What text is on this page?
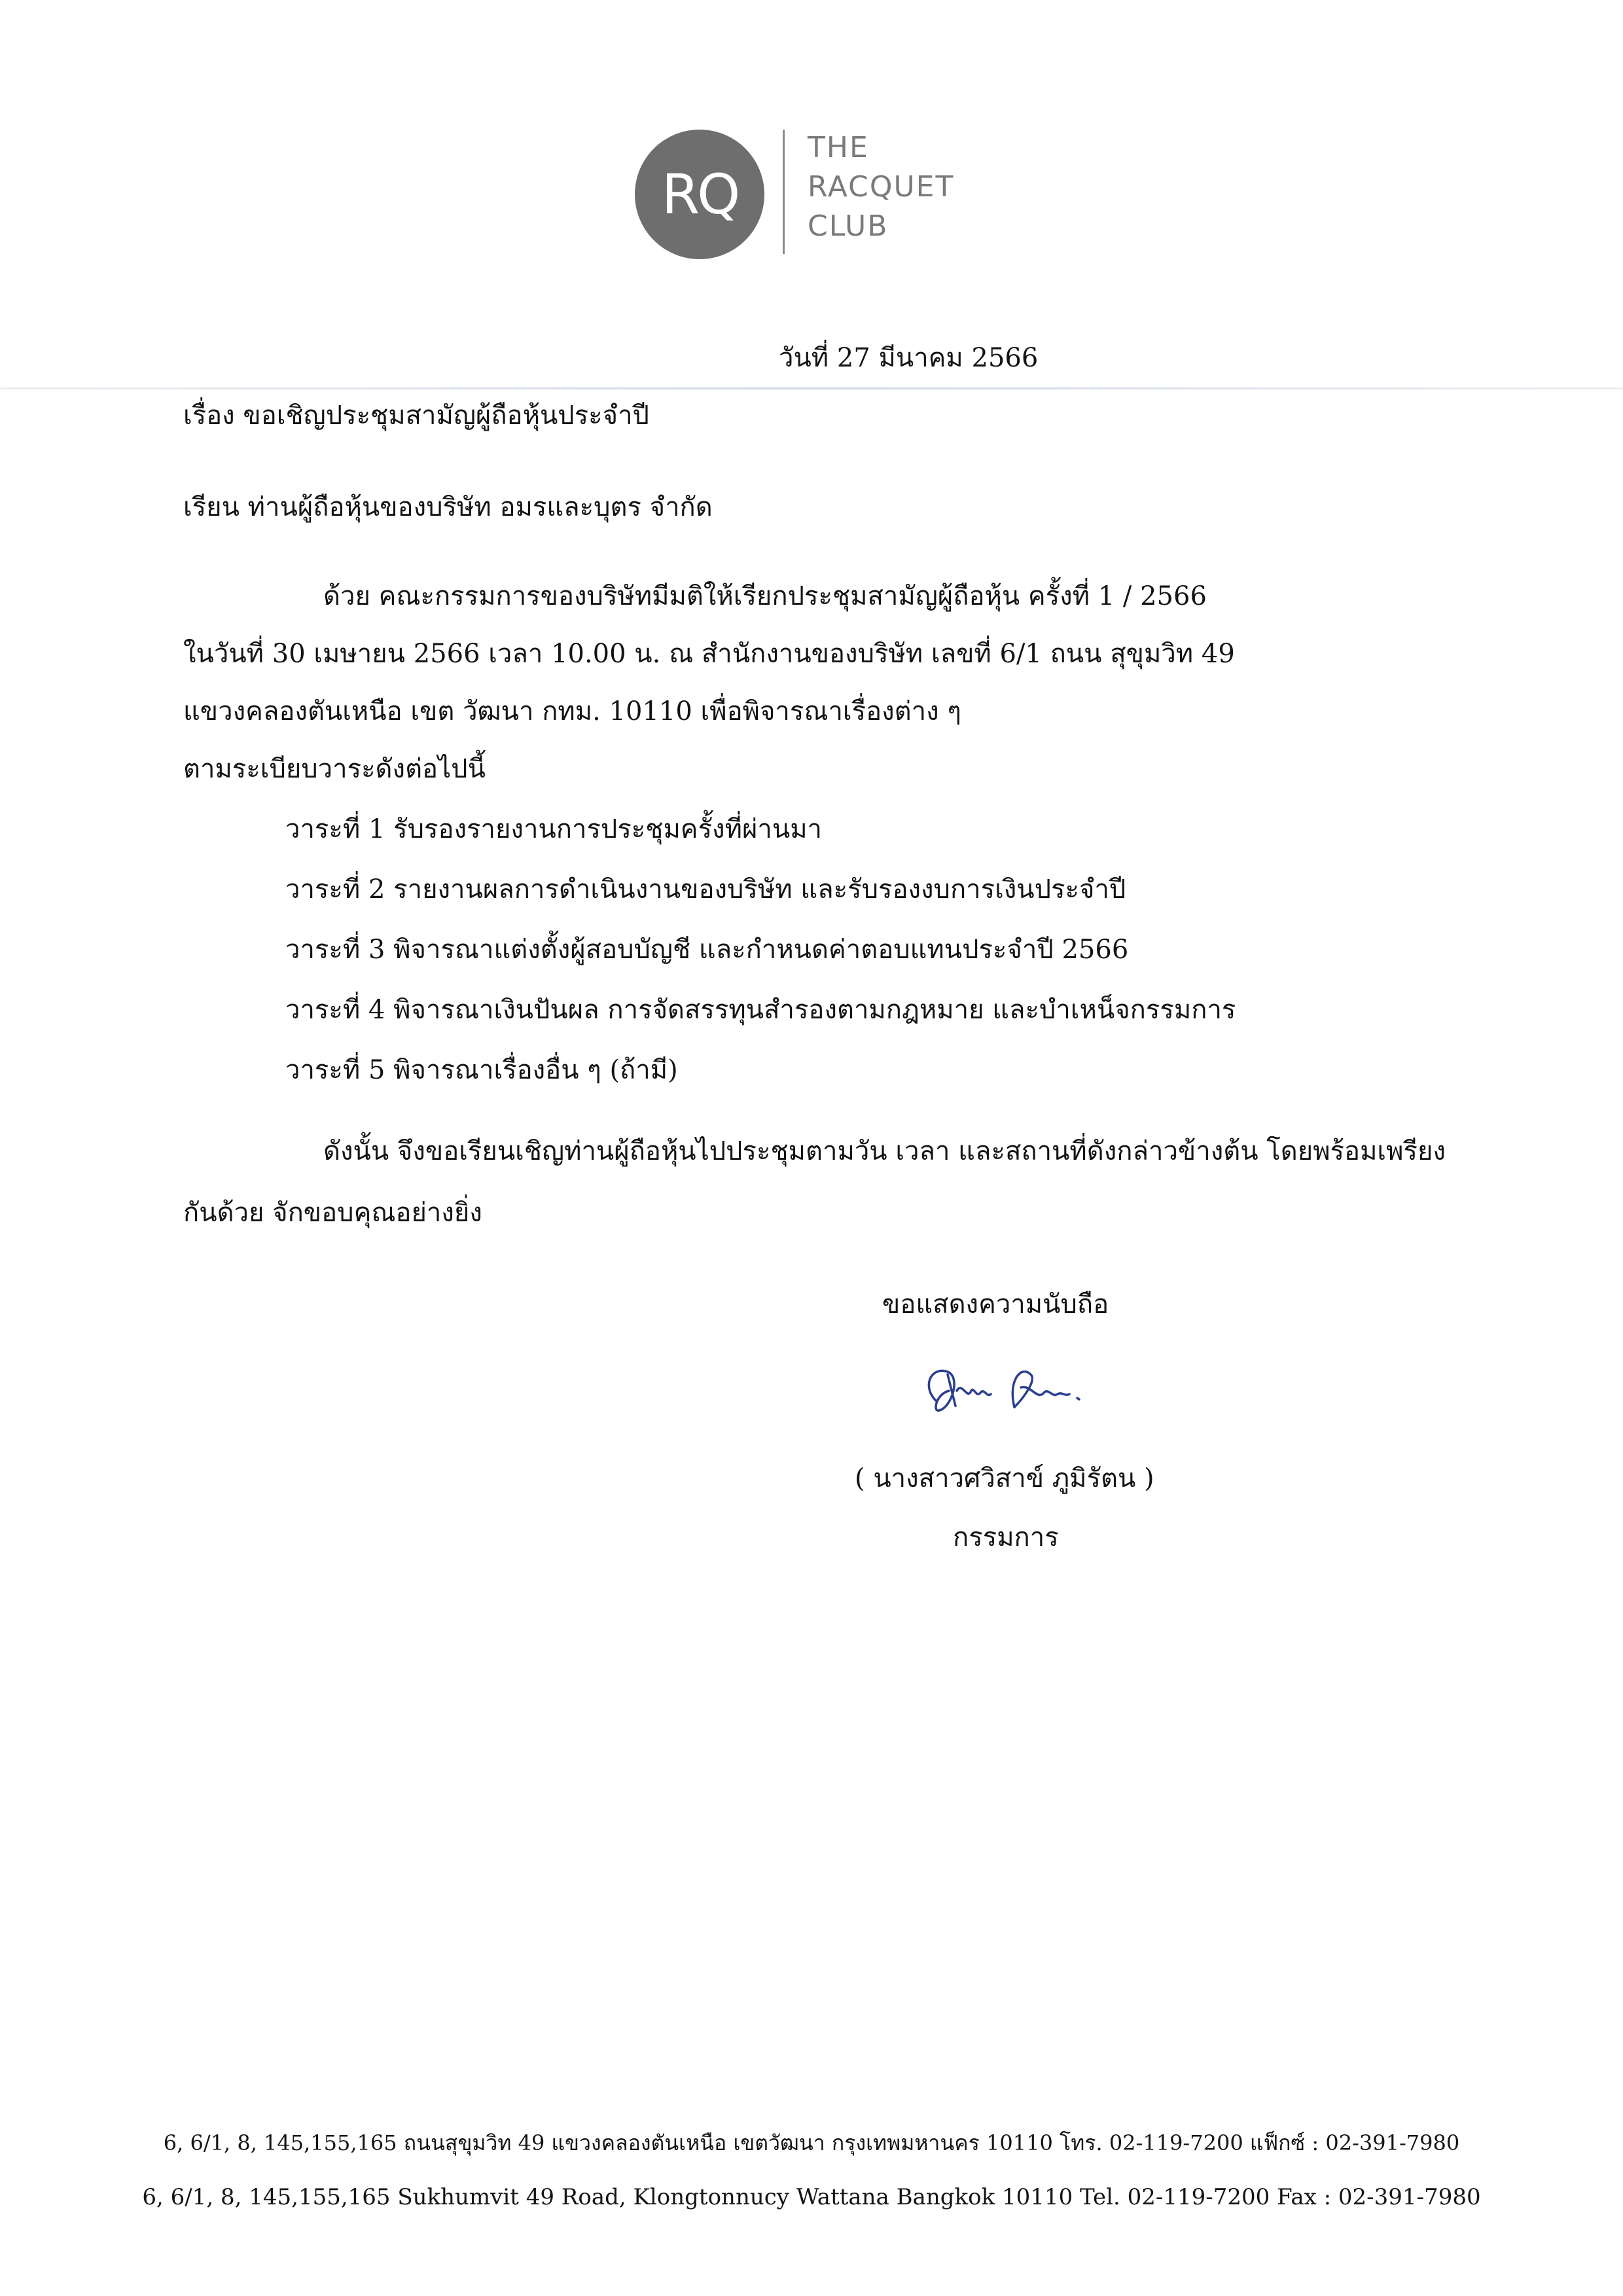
RQ
THE
RACQUET
CLUB
วันที่ 27 มีนาคม 2566
เรื่อง ขอเชิญประชุมสามัญผู้ถือหุ้นประจำปี
เรียน ท่านผู้ถือหุ้นของบริษัท อมรและบุตร จำกัด
ด้วย คณะกรรมการของบริษัทมีมติให้เรียกประชุมสามัญผู้ถือหุ้น ครั้งที่ 1 / 2566
ในวันที่ 30 เมษายน 2566 เวลา 10.00 น. ณ สำนักงานของบริษัท เลขที่ 6/1 ถนน สุขุมวิท 49
แขวงคลองตันเหนือ เขต วัฒนา กทม. 10110 เพื่อพิจารณาเรื่องต่าง ๆ
ตามระเบียบวาระดังต่อไปนี้
วาระที่ 1 รับรองรายงานการประชุมครั้งที่ผ่านมา
วาระที่ 2 รายงานผลการดำเนินงานของบริษัท และรับรองงบการเงินประจำปี
วาระที่ 3 พิจารณาแต่งตั้งผู้สอบบัญชี และกำหนดค่าตอบแทนประจำปี 2566
วาระที่ 4 พิจารณาเงินปันผล การจัดสรรทุนสำรองตามกฎหมาย และบำเหน็จกรรมการ
วาระที่ 5 พิจารณาเรื่องอื่น ๆ (ถ้ามี)
ดังนั้น จึงขอเรียนเชิญท่านผู้ถือหุ้นไปประชุมตามวัน เวลา และสถานที่ดังกล่าวข้างต้น โดยพร้อมเพรียง
กันด้วย จักขอบคุณอย่างยิ่ง
ขอแสดงความนับถือ
( นางสาวศวิสาข์ ภูมิรัตน )
กรรมการ
6, 6/1, 8, 145,155,165 ถนนสุขุมวิท 49 แขวงคลองตันเหนือ เขตวัฒนา กรุงเทพมหานคร 10110 โทร. 02-119-7200 แฟ็กซ์ : 02-391-7980
6, 6/1, 8, 145,155,165 Sukhumvit 49 Road, Klongtonnucy Wattana Bangkok 10110 Tel. 02-119-7200 Fax : 02-391-7980
